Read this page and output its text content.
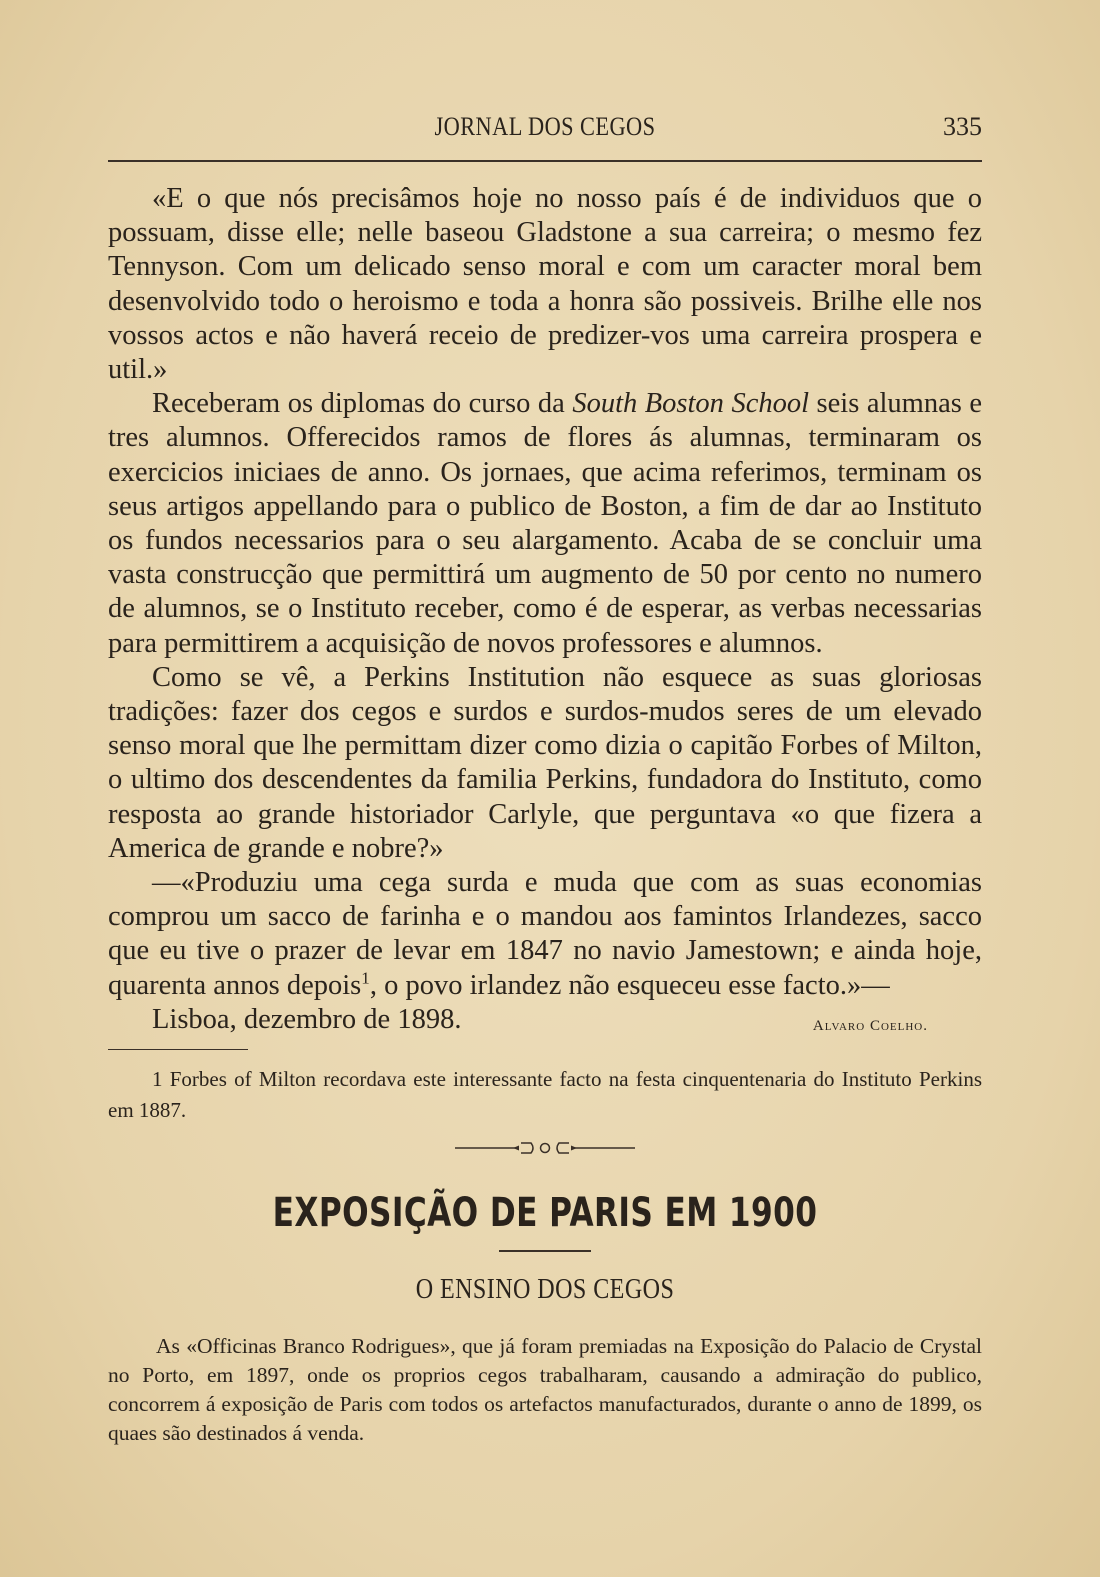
JORNAL DOS CEGOS	335

«E o que nós precisâmos hoje no nosso país é de individuos que o possuam, disse elle; nelle baseou Gladstone a sua carreira; o mesmo fez Tennyson. Com um delicado senso moral e com um caracter moral bem desenvolvido todo o heroismo e toda a honra são possiveis. Brilhe elle nos vossos actos e não haverá receio de predizer-vos uma carreira prospera e util.»

Receberam os diplomas do curso da South Boston School seis alumnas e tres alumnos. Offerecidos ramos de flores ás alumnas, terminaram os exercicios iniciaes de anno. Os jornaes, que acima referimos, terminam os seus artigos appellando para o publico de Boston, a fim de dar ao Instituto os fundos necessarios para o seu alargamento. Acaba de se concluir uma vasta construcção que permittirá um augmento de 50 por cento no numero de alumnos, se o Instituto receber, como é de esperar, as verbas necessarias para permittirem a acquisição de novos professores e alumnos.

Como se vê, a Perkins Institution não esquece as suas gloriosas tradições: fazer dos cegos e surdos e surdos-mudos seres de um elevado senso moral que lhe permittam dizer como dizia o capitão Forbes of Milton, o ultimo dos descendentes da familia Perkins, fundadora do Instituto, como resposta ao grande historiador Carlyle, que perguntava «o que fizera a America de grande e nobre?»

—«Produziu uma cega surda e muda que com as suas economias comprou um sacco de farinha e o mandou aos famintos Irlandezes, sacco que eu tive o prazer de levar em 1847 no navio Jamestown; e ainda hoje, quarenta annos depois$^1$, o povo irlandez não esqueceu esse facto.»—

Lisboa, dezembro de 1898.	Alvaro Coelho.

1 Forbes of Milton recordava este interessante facto na festa cinquentenaria do Instituto Perkins em 1887.

EXPOSIÇÃO DE PARIS EM 1900
O ENSINO DOS CEGOS

As «Officinas Branco Rodrigues», que já foram premiadas na Exposição do Palacio de Crystal no Porto, em 1897, onde os proprios cegos trabalharam, causando a admiração do publico, concorrem á exposição de Paris com todos os artefactos manufacturados, durante o anno de 1899, os quaes são destinados á venda.
